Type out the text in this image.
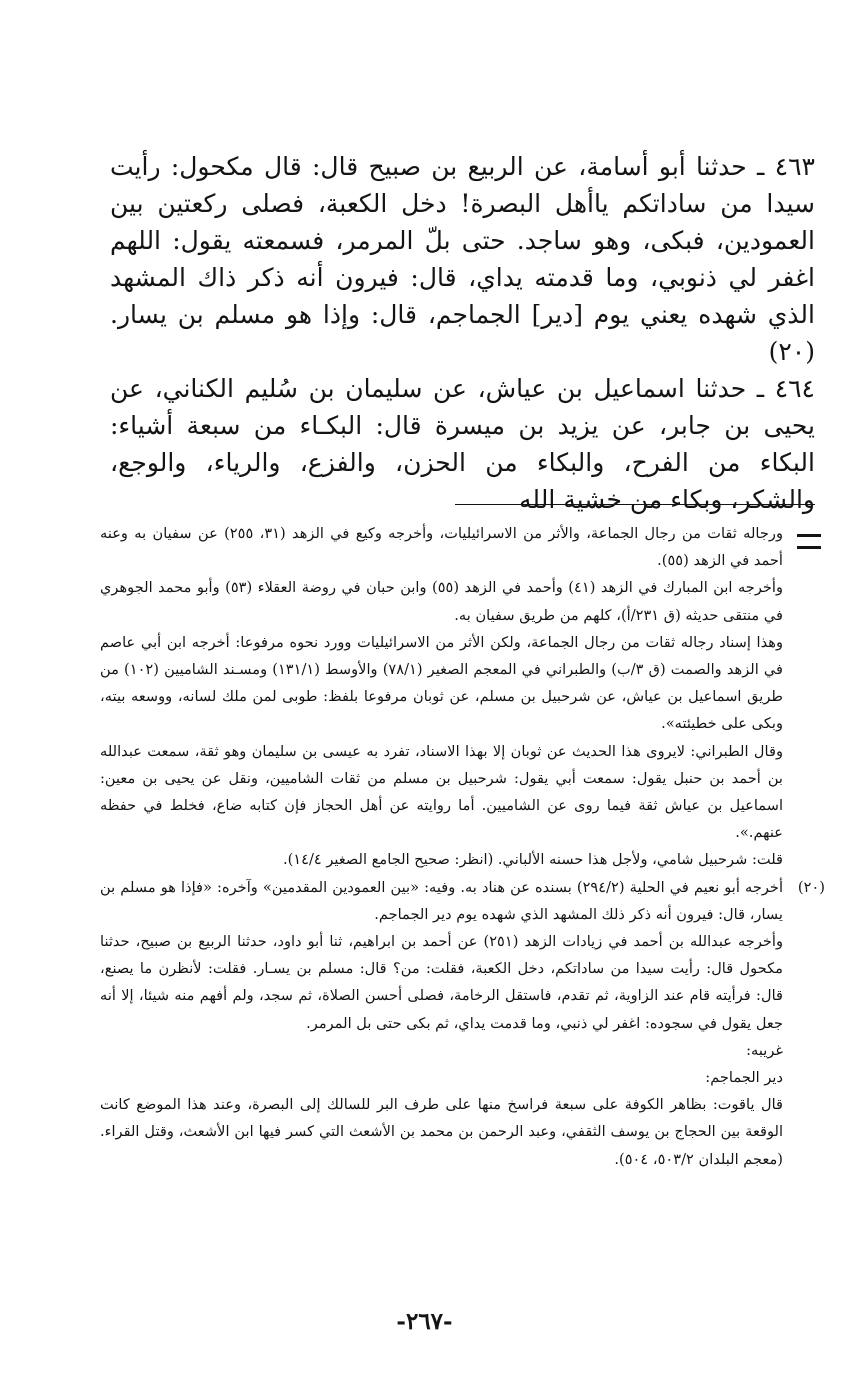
٤٦٣ ـ حدثنا أبو أسامة، عن الربيع بن صبيح قال: قال مكحول: رأيت سيدا من ساداتكم ياأهل البصرة! دخل الكعبة، فصلى ركعتين بين العمودين، فبكى، وهو ساجد. حتى بلّ المرمر، فسمعته يقول: اللهم اغفر لي ذنوبي، وما قدمته يداي، قال: فيرون أنه ذكر ذاك المشهد الذي شهده يعني يوم [دير] الجماجم، قال: وإذا هو مسلم بن يسار. (٢٠)

٤٦٤ ـ حدثنا اسماعيل بن عياش، عن سليمان بن سُليم الكناني، عن يحيى بن جابر، عن يزيد بن ميسرة قال: البكـاء من سبعة أشياء: البكاء من الفرح، والبكاء من الحزن، والفزع، والرياء، والوجع، والشكر، وبكاء من خشية الله

ورجاله ثقات من رجال الجماعة، والأثر من الاسرائيليات، وأخرجه وكيع في الزهد (٣١، ٢٥٥) عن سفيان به وعنه أحمد في الزهد (٥٥).

وأخرجه ابن المبارك في الزهد (٤١) وأحمد في الزهد (٥٥) وابن حبان في روضة العقلاء (٥٣) وأبو محمد الجوهري في منتقى حديثه (ق ٢٣١/أ)، كلهم من طريق سفيان به.

وهذا إسناد رجاله ثقات من رجال الجماعة، ولكن الأثر من الاسرائيليات وورد نحوه مرفوعا: أخرجه ابن أبي عاصم في الزهد والصمت (ق ٣/ب) والطبراني في المعجم الصغير (٧٨/١) والأوسط (١٣١/١) ومسـند الشاميين (١٠٢) من طريق اسماعيل بن عياش، عن شرحبيل بن مسلم، عن ثوبان مرفوعا بلفظ: طوبى لمن ملك لسانه، ووسعه بيته، وبكى على خطيئته».

وقال الطبراني: لايروى هذا الحديث عن ثوبان إلا بهذا الاسناد، تفرد به عيسى بن سليمان وهو ثقة، سمعت عبدالله بن أحمد بن حنبل يقول: سمعت أبي يقول: شرحبيل بن مسلم من ثقات الشاميين، ونقل عن يحيى بن معين: اسماعيل بن عياش ثقة فيما روى عن الشاميين. أما روايته عن أهل الحجاز فإن كتابه ضاع، فخلط في حفظه عنهم.».

قلت: شرحبيل شامي، ولأجل هذا حسنه الألباني. (انظر: صحيح الجامع الصغير ١٤/٤).

(٢٠)

أخرجه أبو نعيم في الحلية (٢٩٤/٢) بسنده عن هناد به. وفيه: «بين العمودين المقدمين» وآخره: «فإذا هو مسلم بن يسار، قال: فيرون أنه ذكر ذلك المشهد الذي شهده يوم دير الجماجم.

وأخرجه عبدالله بن أحمد في زيادات الزهد (٢٥١) عن أحمد بن ابراهيم، ثنا أبو داود، حدثنا الربيع بن صبيح، حدثنا مكحول قال: رأيت سيدا من ساداتكم، دخل الكعبة، فقلت: من؟ قال: مسلم بن يسـار. فقلت: لأنظرن ما يصنع، قال: فرأيته قام عند الزاوية، ثم تقدم، فاستقل الرخامة، فصلى أحسن الصلاة، ثم سجد، ولم أفهم منه شيئا، إلا أنه جعل يقول في سجوده: اغفر لي ذنبي، وما قدمت يداي، ثم بكى حتى بل المرمر.

غريبه:

دير الجماجم:

قال ياقوت: بظاهر الكوفة على سبعة فراسخ منها على طرف البر للسالك إلى البصرة، وعند هذا الموضع كانت الوقعة بين الحجاج بن يوسف الثقفي، وعبد الرحمن بن محمد بن الأشعث التي كسر فيها ابن الأشعث، وقتل القراء. (معجم البلدان ٥٠٣/٢، ٥٠٤).

-٢٦٧-
